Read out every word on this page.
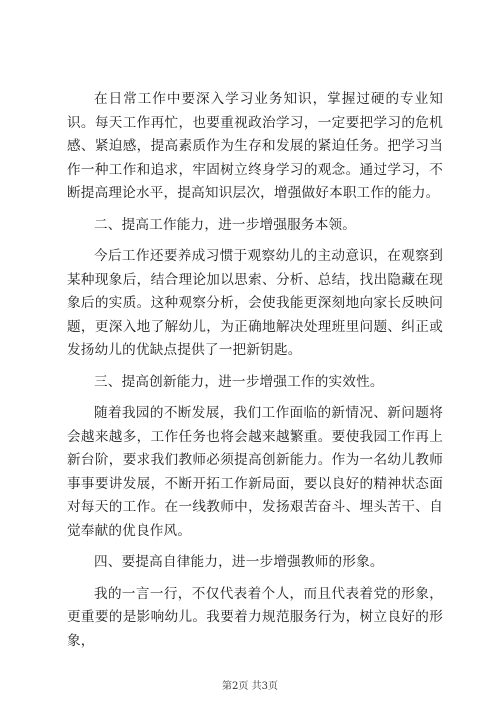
在日常工作中要深入学习业务知识，掌握过硬的专业知识。每天工作再忙，也要重视政治学习，一定要把学习的危机感、紧迫感，提高素质作为生存和发展的紧迫任务。把学习当作一种工作和追求，牢固树立终身学习的观念。通过学习，不断提高理论水平，提高知识层次，增强做好本职工作的能力。

二、提高工作能力，进一步增强服务本领。

今后工作还要养成习惯于观察幼儿的主动意识，在观察到某种现象后，结合理论加以思索、分析、总结，找出隐藏在现象后的实质。这种观察分析，会使我能更深刻地向家长反映问题，更深入地了解幼儿，为正确地解决处理班里问题、纠正或发扬幼儿的优缺点提供了一把新钥匙。

三、提高创新能力，进一步增强工作的实效性。

随着我园的不断发展，我们工作面临的新情况、新问题将会越来越多，工作任务也将会越来越繁重。要使我园工作再上新台阶，要求我们教师必须提高创新能力。作为一名幼儿教师事事要讲发展，不断开拓工作新局面，要以良好的精神状态面对每天的工作。在一线教师中，发扬艰苦奋斗、埋头苦干、自觉奉献的优良作风。

四、要提高自律能力，进一步增强教师的形象。

我的一言一行，不仅代表着个人，而且代表着党的形象，更重要的是影响幼儿。我要着力规范服务行为，树立良好的形象，

第2页 共3页
